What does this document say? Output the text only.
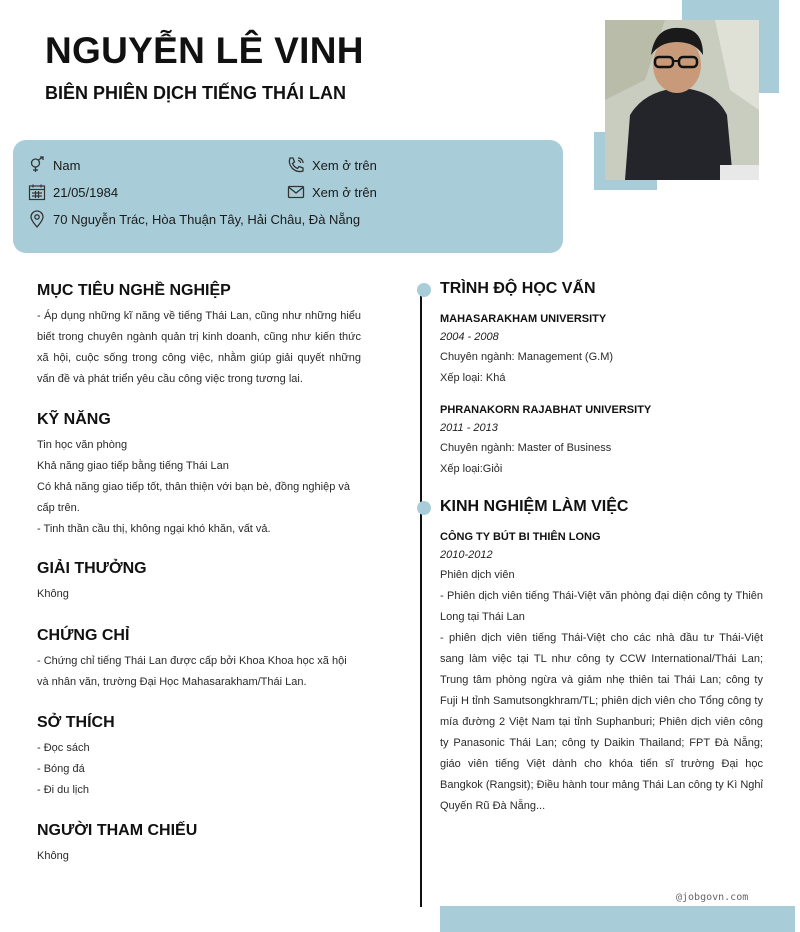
NGUYỄN LÊ VINH
BIÊN PHIÊN DỊCH TIẾNG THÁI LAN
Nam
21/05/1984
70 Nguyễn Trác, Hòa Thuận Tây, Hải Châu, Đà Nẵng
Xem ở trên
Xem ở trên
MỤC TIÊU NGHỀ NGHIỆP

- Áp dụng những kĩ năng về tiếng Thái Lan, cũng như những hiểu biết trong chuyên ngành quản trị kinh doanh, cũng như kiến thức xã hội, cuộc sống trong công việc, nhằm giúp giải quyết những vấn đề và phát triển yêu cầu công việc trong tương lai.

KỸ NĂNG

Tin học văn phòng

Khả năng giao tiếp bằng tiếng Thái Lan

Có khả năng giao tiếp tốt, thân thiện với bạn bè, đồng nghiệp và cấp trên.

- Tinh thần cầu thị, không ngại khó khăn, vất vả.

GIẢI THƯỞNG

Không

CHỨNG CHỈ

- Chứng chỉ tiếng Thái Lan được cấp bởi Khoa Khoa học xã hội và nhân văn, trường Đại Học Mahasarakham/Thái Lan.

SỞ THÍCH

- Đọc sách

- Bóng đá

- Đi du lịch

NGƯỜI THAM CHIẾU

Không

TRÌNH ĐỘ HỌC VẤN

MAHASARAKHAM UNIVERSITY

2004 - 2008

Chuyên ngành: Management (G.M)

Xếp loại: Khá

PHRANAKORN RAJABHAT UNIVERSITY

2011 - 2013

Chuyên ngành: Master of Business

Xếp loại:Giỏi

KINH NGHIỆM LÀM VIỆC

CÔNG TY BÚT BI THIÊN LONG

2010-2012

Phiên dịch viên

- Phiên dịch viên tiếng Thái-Việt văn phòng đại diện công ty Thiên Long tại Thái Lan

- phiên dịch viên tiếng Thái-Việt cho các nhà đầu tư Thái-Việt sang làm việc tại TL như công ty CCW International/Thái Lan; Trung tâm phòng ngừa và giảm nhẹ thiên tai Thái Lan; công ty Fuji H tỉnh Samutsongkhram/TL; phiên dịch viên cho Tổng công ty mía đường 2 Việt Nam tại tỉnh Suphanburi; Phiên dịch viên công ty Panasonic Thái Lan; công ty Daikin Thailand; FPT Đà Nẵng; giáo viên tiếng Việt dành cho khóa tiến sĩ trường Đại học Bangkok (Rangsit); Điều hành tour mảng Thái Lan công ty Kì Nghỉ Quyến Rũ Đà Nẵng...

@jobgovn.com
